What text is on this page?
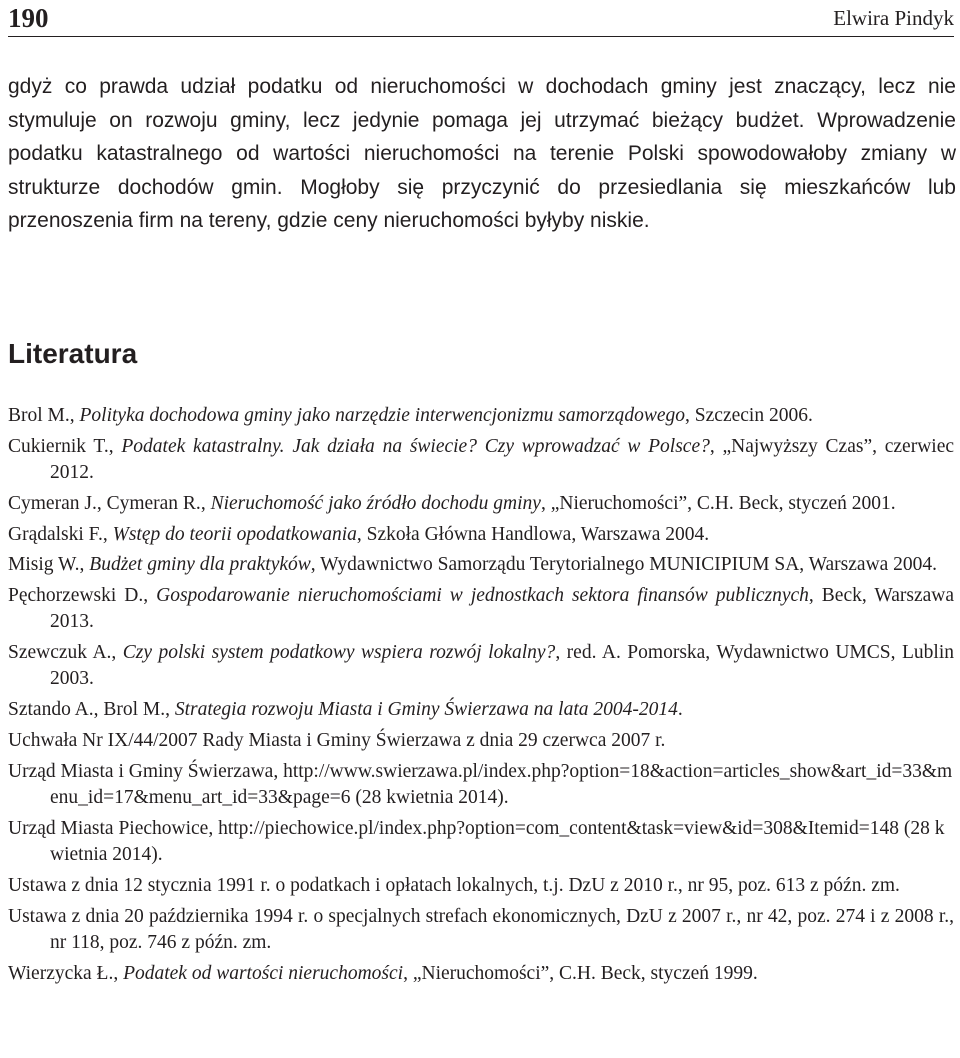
190	Elwira Pindyk

gdyż co prawda udział podatku od nieruchomości w dochodach gminy jest znaczący, lecz nie stymuluje on rozwoju gminy, lecz jedynie pomaga jej utrzymać bieżący budżet. Wprowadzenie podatku katastralnego od wartości nieruchomości na terenie Polski spowodowałoby zmiany w strukturze dochodów gmin. Mogłoby się przyczynić do przesiedlania się mieszkańców lub przenoszenia firm na tereny, gdzie ceny nieruchomości byłyby niskie.

Literatura
Brol M., Polityka dochodowa gminy jako narzędzie interwencjonizmu samorządowego, Szczecin 2006.
Cukiernik T., Podatek katastralny. Jak działa na świecie? Czy wprowadzać w Polsce?, „Najwyższy Czas”, czerwiec 2012.
Cymeran J., Cymeran R., Nieruchomość jako źródło dochodu gminy, „Nieruchomości”, C.H. Beck, styczeń 2001.
Grądalski F., Wstęp do teorii opodatkowania, Szkoła Główna Handlowa, Warszawa 2004.
Misig W., Budżet gminy dla praktyków, Wydawnictwo Samorządu Terytorialnego MUNICIPIUM SA, Warszawa 2004.
Pęchorzewski D., Gospodarowanie nieruchomościami w jednostkach sektora finansów publicznych, Beck, Warszawa 2013.
Szewczuk A., Czy polski system podatkowy wspiera rozwój lokalny?, red. A. Pomorska, Wydawnictwo UMCS, Lublin 2003.
Sztando A., Brol M., Strategia rozwoju Miasta i Gminy Świerzawa na lata 2004-2014.
Uchwała Nr IX/44/2007 Rady Miasta i Gminy Świerzawa z dnia 29 czerwca 2007 r.
Urząd Miasta i Gminy Świerzawa, http://www.swierzawa.pl/index.php?option=18&action=articles_show&art_id=33&menu_id=17&menu_art_id=33&page=6 (28 kwietnia 2014).
Urząd Miasta Piechowice, http://piechowice.pl/index.php?option=com_content&task=view&id=308&Itemid=148 (28 kwietnia 2014).
Ustawa z dnia 12 stycznia 1991 r. o podatkach i opłatach lokalnych, t.j. DzU z 2010 r., nr 95, poz. 613 z późn. zm.
Ustawa z dnia 20 października 1994 r. o specjalnych strefach ekonomicznych, DzU z 2007 r., nr 42, poz. 274 i z 2008 r., nr 118, poz. 746 z późn. zm.
Wierzycka Ł., Podatek od wartości nieruchomości, „Nieruchomości”, C.H. Beck, styczeń 1999.
